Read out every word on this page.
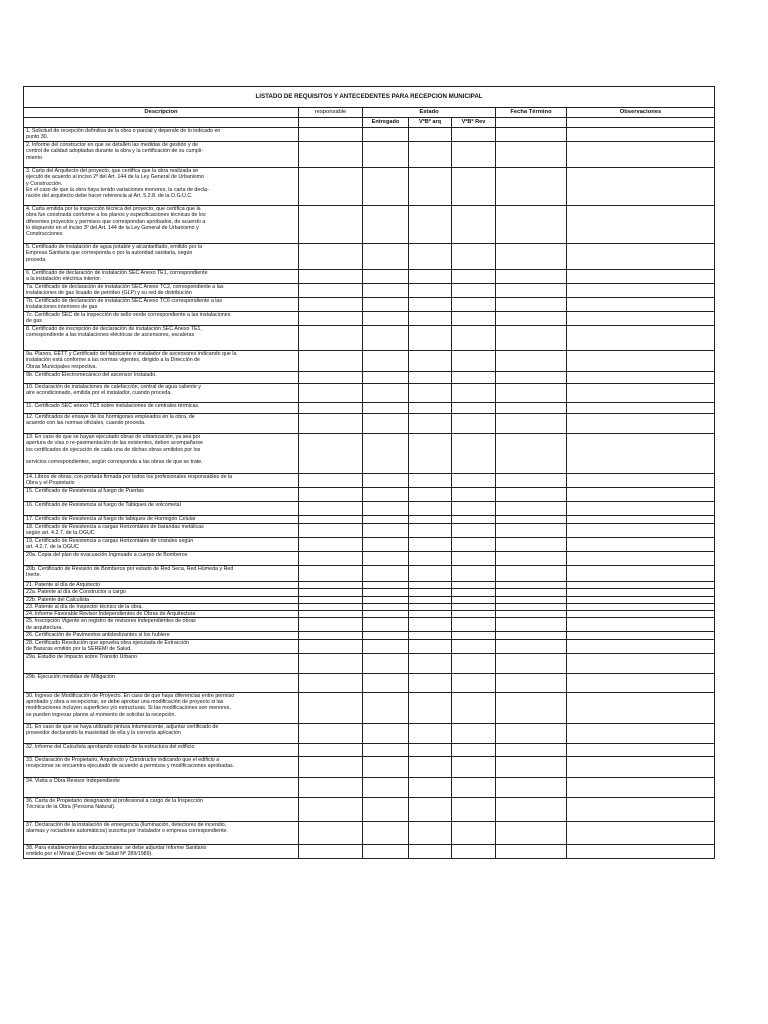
LISTADO DE REQUISITOS Y ANTECEDENTES PARA RECEPCION MUNICIPAL						
Descripcion	responsable	Estado			Fecha Término	Observaciones
		Entregado	VºBº arq	VºBº Rev		
1. Solicitud de recepción definitiva de la obra o parcial y depende de lo indicado en
punto 30.						
2. Informe del constructor en que se detallen las medidas de gestión y de
control de calidad adoptadas durante la obra y la certificación de su cumpli-
miento						
3. Carta del Arquitecto del proyecto, que certifica que la obra realizada se
ejecutó de acuerdo al inciso 2º del Art. 144 de la Ley General de Urbanismo
y Construcción.
En el caso de que la obra haya tenido variaciones menores, la carta de decla-
ración del arquitecto debe hacer referencia al Art. 5.2.8. de la O.G.U.C.						
4. Carta emitida por la inspección técnica del proyecto, que certifica que la
obra fue construida conforme a los planos y especificaciones técnicas de los
diferentes proyectos y permisos que correspondan aprobados, de acuerdo a
lo dispuesto en el inciso 3º del Art. 144 de la Ley General de Urbanismo y
Construcciones						
5. Certificado de instalación de agua potable y alcantarillado, emitido por la
Empresa Sanitaria que corresponda o por la autoridad sanitaria, según
proceda.						
6. Certificado de declaración de instalación SEC Anexo TE1, correspondiente
a la instalación eléctrica interior.						
7a. Certificado de declaración de instalación SEC Anexo TC2, correspondiente a las
instalaciones de gas licuado de petróleo (GLP) y su red de distribución						
7b. Certificado de declaración de instalación SEC Anexo TC6 correspondiente a las
instalaciones interiores de gas						
7c. Certificado SEC de la inspección de sello verde correspondiente a las instalaciones
de gas						
8. Certificado de inscripción de declaración de instalación SEC Anexo TE1,
correspondiente a las instalaciones eléctricas de ascensores, escaleras						
9a. Planos, EETT y Certificado del fabricante o instalador de ascensores indicando que la
instalación está conforme a las normas vigentes, dirigido a la Dirección de
Obras Municipales respectiva.						
9b. Certificado Electromecánico del ascensor Instalado.						
10. Declaración de instalaciones de calefacción, central de agua caliente y
aire acondicionado, emitida por el instalador, cuando proceda.						
11. Certificado SEC anexo TC5 sobre instalaciones de centrales térmicas.						
12. Certificados de ensaye de los hormigones empleados en la obra, de
acuerdo con las normas oficiales, cuando proceda.						
13. En caso de que se hayan ejecutado obras de urbanización, ya sea por
apertura de vías o re-pavimentación de las existentes, deben acompañarse
los certificados de ejecución de cada una de dichas obras emitidos por los

servicios correspondientes, según corresponda a las obras de que se trate.						
14. Libros de obras, con portada firmada por todos los profesionales responsables de la
Obra y el Propietario						
15. Certificado de Resistencia al fuego de Puertas						
16. Certificado de Resistencia al fuego de Tabiques de volcometal						
17. Certificado de Resistencia al fuego de tabiques de Hormigón Celular						
18. Certificado de Resistencia a cargas Horizontales de barandas metálicas
según art. 4.2.7. de la OGUC						
19. Certificado de Resistencia a cargas Horizontales de cristales según
art. 4.2.7. de la OGUC						
20a. Copia del plan de evacuación Ingresado a cuerpo de Bomberos						
20b. Certificado de Revisión de Bomberos por estado de Red Seca, Red Húmeda y Red
Inerte.						
21. Patente al día de Arquitecto						
22a. Patente al día de Constructor a cargo						
22b. Patente del Calculista						
23. Patente al día de Inspector técnico de la obra.						
24. Informe Favorable Revisor Independientes de Obras de Arquitectura						
25. Inscripción Vigente en registro de revisores independientes de obras
de arquitectura.						
26. Certificación de Pavimentos antideslizantes si los hubiere						
28. Certificado Resolución que aprueba obra ejecutada de Extracción
de Basuras emitido por la SEREMI de Salud.						
29a. Estudio de Impacto sobre Tránsito Urbano						
29b. Ejecución medidas de Mitigación						
30. Ingreso de Modificación de Proyecto. En caso de que haya diferencias entre permiso
aprobado y obra a recepcionar, se debe aprobar una modificación de proyecto si las
modificaciones incluyen superficies y/o estructuras. Si las modificaciones son menores,
se pueden ingresar planos al momento de solicitar la recepción.						
31. En caso de que se haya utilizado pintura intumescente, adjuntar certificado de
proveedor declarando la masividad de ella y la correcta aplicación						
32. Informe del Calculista aprobando estado de la estructura del edificio						
33. Declaración de Propietario, Arquitecto y Constructor indicando que el edificio a
recepcionar se encuentra ejecutado de acuerdo a permisos y modificaciones aprobadas.						
34. Visita a Obra Revisor Independiente						
36. Carta de Propietario designando al profesional a cargo de la Inspección
Técnica de la Obra (Persona Natural).						
37. Declaración de la instalación de emergencia (iluminación, detectores de incendio,
alarmas y rociadores automáticos) suscrita por Instalador o empresa correspondiente.						
38. Para establecimientos educacionales: se debe adjuntar Informe Sanitario
emitido por el Minsal (Decreto de Salud Nº 289/1989).						
